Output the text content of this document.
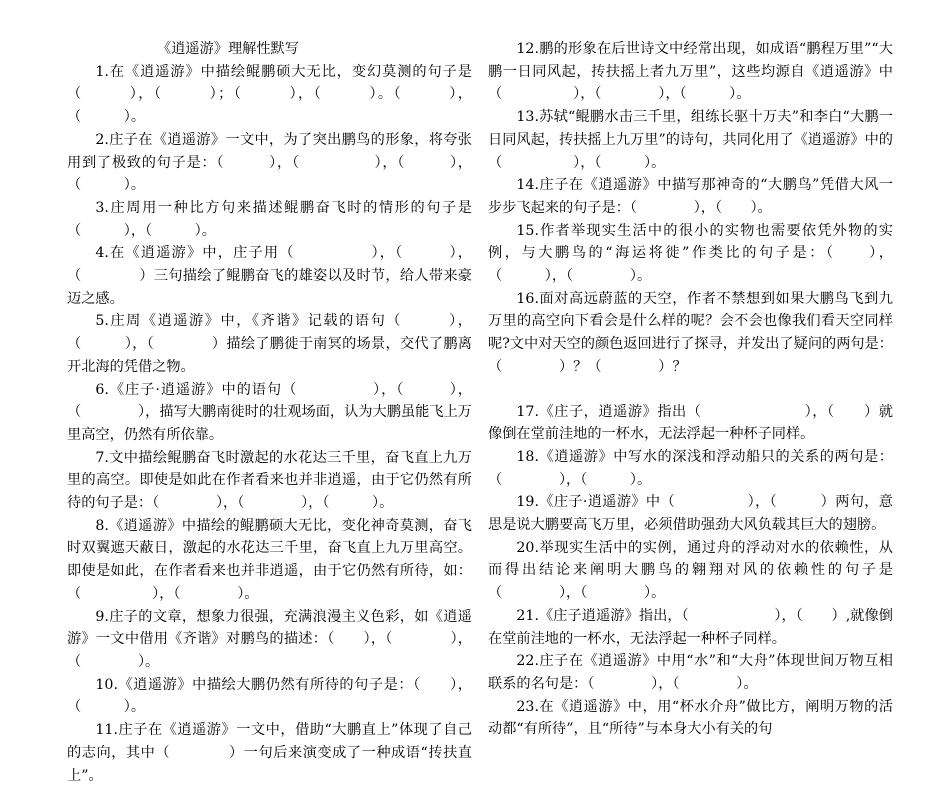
《逍遥游》理解性默写

1.在《逍遥游》中描绘鲲鹏硕大无比，变幻莫测的句子是（　　　），（　　　）；（　　　），（　　　）。（　　　），（　　　）。

2.庄子在《逍遥游》一文中，为了突出鹏鸟的形象，将夸张用到了极致的句子是：（　　　），（　　　　　），（　　　），（　　　）。

3.庄周用一种比方句来描述鲲鹏奋飞时的情形的句子是（　　　），（　　　）。

4.在《逍遥游》中，庄子用（　　　　　），（　　　），（　　　　）三句描绘了鲲鹏奋飞的雄姿以及时节，给人带来豪迈之感。

5.庄周《逍遥游》中，《齐谐》记载的语句（　　　），（　　　），（　　　　）描绘了鹏徙于南冥的场景，交代了鹏离开北海的凭借之物。

6.《庄子·逍遥游》中的语句（　　　　　），（　　　），（　　　　），描写大鹏南徙时的壮观场面，认为大鹏虽能飞上万里高空，仍然有所依靠。

7.文中描绘鲲鹏奋飞时激起的水花达三千里，奋飞直上九万里的高空。即使是如此在作者看来也并非逍遥，由于它仍然有所待的句子是：（　　　　），（　　　　），（　　　）。

8.《逍遥游》中描绘的鲲鹏硕大无比，变化神奇莫测，奋飞时双翼遮天蔽日，激起的水花达三千里，奋飞直上九万里高空。即使是如此，在作者看来也并非逍遥，由于它仍然有所待，如：（　　　　　），（　　　　）。

9.庄子的文章，想象力很强，充满浪漫主义色彩，如《逍遥游》一文中借用《齐谐》对鹏鸟的描述：（　　），（　　　　），（　　　　）。

10.《逍遥游》中描绘大鹏仍然有所待的句子是：（　　），（　　　）。

11.庄子在《逍遥游》一文中，借助“大鹏直上”体现了自己的志向，其中（　　　　）一句后来演变成了一种成语“抟扶直上”。

12.鹏的形象在后世诗文中经常出现，如成语“鹏程万里”“大鹏一日同风起，抟扶摇上者九万里”，这些均源自《逍遥游》中（　　　　　），（　　　　），（　　　）。

13.苏轼“鲲鹏水击三千里，组练长驱十万夫”和李白“大鹏一日同风起，抟扶摇上九万里”的诗句，共同化用了《逍遥游》中的（　　　　　），（　　　）。

14.庄子在《逍遥游》中描写那神奇的“大鹏鸟”凭借大风一步步飞起来的句子是：（　　　　），（　　）。

15.作者举现实生活中的很小的实物也需要依凭外物的实例，与大鹏鸟的“海运将徙”作类比的句子是：（　　），（　　　），（　　　　）。

16.面对高远蔚蓝的天空，作者不禁想到如果大鹏鸟飞到九万里的高空向下看会是什么样的呢？会不会也像我们看天空同样呢?文中对天空的颜色返回进行了探寻，并发出了疑问的两句是：（　　　　）？（　　　　）？

17.《庄子，逍遥游》指出（　　　　　　　），（　　）就像倒在堂前洼地的一杯水，无法浮起一种杯子同样。

18.《逍遥游》中写水的深浅和浮动船只的关系的两句是：（　　　　），（　　　）。

19.《庄子·逍遥游》中（　　　　　），（　　　）两句，意思是说大鹏要高飞万里，必须借助强劲大风负载其巨大的翅膀。

20.举现实生活中的实例，通过舟的浮动对水的依赖性，从而得出结论来阐明大鹏鸟的翱翔对风的依赖性的句子是（　　　　），（　　　　）。

21.《庄子逍遥游》指出，（　　　　　　），（　　）,就像倒在堂前洼地的一杯水，无法浮起一种杯子同样。

22.庄子在《逍遥游》中用“水”和“大舟”体现世间万物互相联系的名句是：（　　　　），（　　　　）。

23.在《逍遥游》中，用“杯水介舟”做比方，阐明万物的活动都“有所待”，且“所待”与本身大小有关的句
